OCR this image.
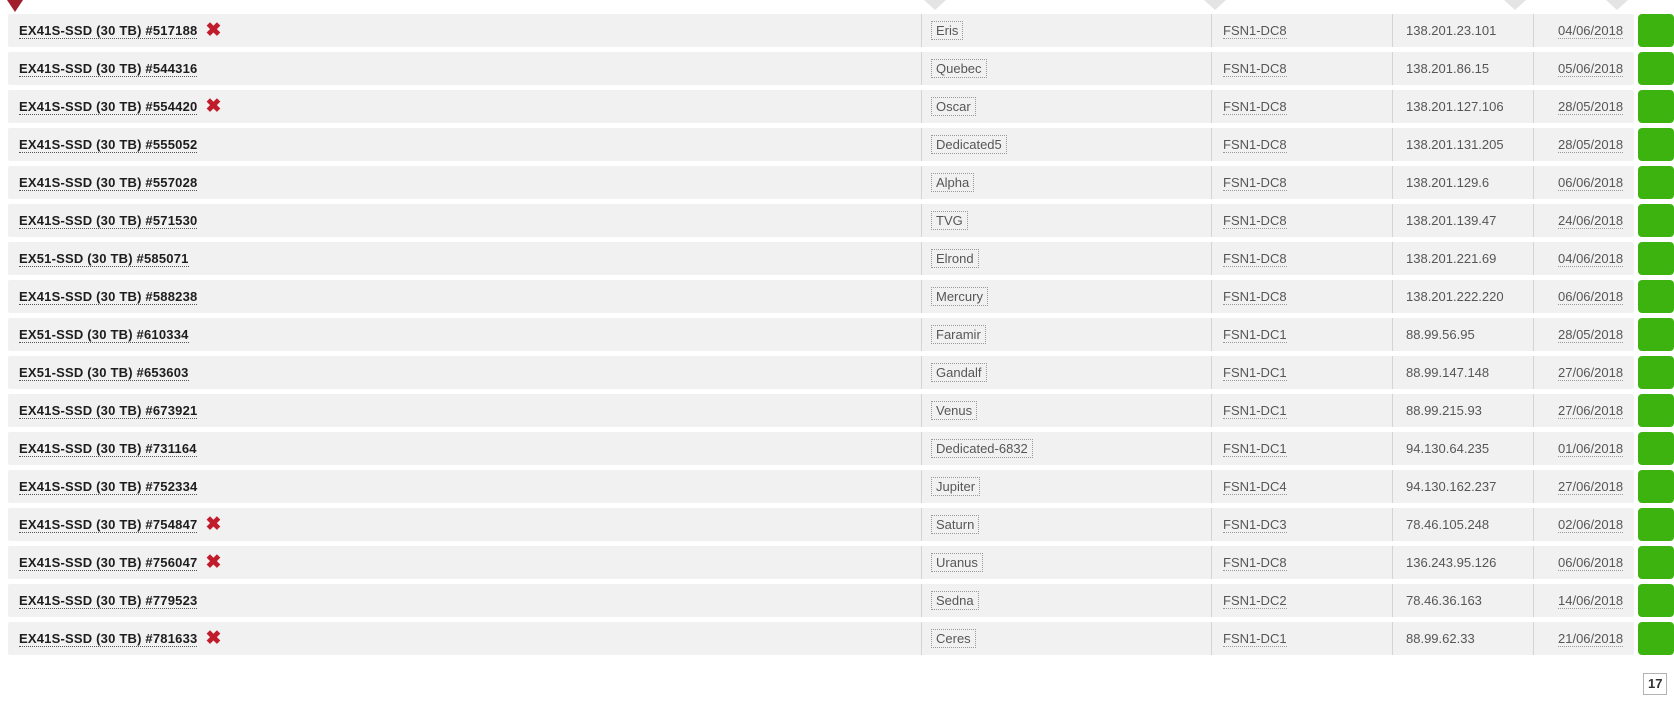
EX41S-SSD (30 TB) #517188 ✖	Eris	FSN1-DC8	138.201.23.101	04/06/2018
EX41S-SSD (30 TB) #544316	Quebec	FSN1-DC8	138.201.86.15	05/06/2018
EX41S-SSD (30 TB) #554420 ✖	Oscar	FSN1-DC8	138.201.127.106	28/05/2018
EX41S-SSD (30 TB) #555052	Dedicated5	FSN1-DC8	138.201.131.205	28/05/2018
EX41S-SSD (30 TB) #557028	Alpha	FSN1-DC8	138.201.129.6	06/06/2018
EX41S-SSD (30 TB) #571530	TVG	FSN1-DC8	138.201.139.47	24/06/2018
EX51-SSD (30 TB) #585071	Elrond	FSN1-DC8	138.201.221.69	04/06/2018
EX41S-SSD (30 TB) #588238	Mercury	FSN1-DC8	138.201.222.220	06/06/2018
EX51-SSD (30 TB) #610334	Faramir	FSN1-DC1	88.99.56.95	28/05/2018
EX51-SSD (30 TB) #653603	Gandalf	FSN1-DC1	88.99.147.148	27/06/2018
EX41S-SSD (30 TB) #673921	Venus	FSN1-DC1	88.99.215.93	27/06/2018
EX41S-SSD (30 TB) #731164	Dedicated-6832	FSN1-DC1	94.130.64.235	01/06/2018
EX41S-SSD (30 TB) #752334	Jupiter	FSN1-DC4	94.130.162.237	27/06/2018
EX41S-SSD (30 TB) #754847 ✖	Saturn	FSN1-DC3	78.46.105.248	02/06/2018
EX41S-SSD (30 TB) #756047 ✖	Uranus	FSN1-DC8	136.243.95.126	06/06/2018
EX41S-SSD (30 TB) #779523	Sedna	FSN1-DC2	78.46.36.163	14/06/2018
EX41S-SSD (30 TB) #781633 ✖	Ceres	FSN1-DC1	88.99.62.33	21/06/2018
17
